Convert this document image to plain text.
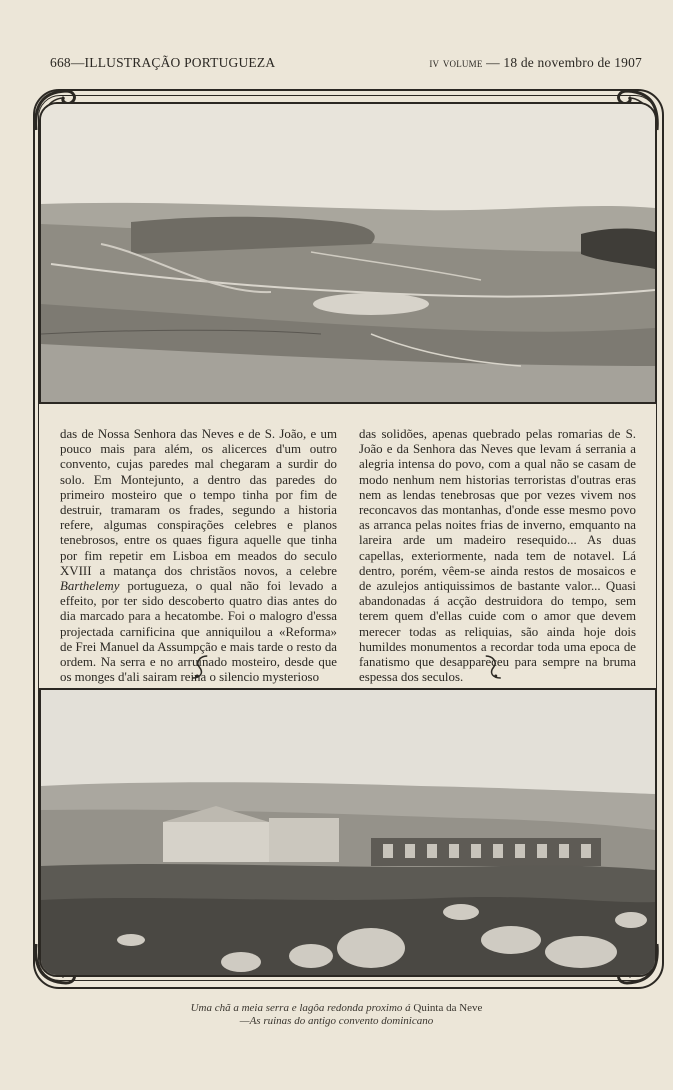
668—ILLUSTRAÇÃO PORTUGUEZA	iv volume — 18 de novembro de 1907

das de Nossa Senhora das Neves e de S. João, e um pouco mais para além, os alicerces d'um outro convento, cujas paredes mal chegaram a surdir do solo. Em Montejunto, a dentro das paredes do primeiro mosteiro que o tempo tinha por fim de destruir, tramaram os frades, segundo a historia refere, algumas conspirações celebres e planos tenebrosos, entre os quaes figura aquelle que tinha por fim repetir em Lisboa em meados do seculo XVIII a matança dos christãos novos, a celebre Barthelemy portugueza, o qual não foi levado a effeito, por ter sido descoberto quatro dias antes do dia marcado para a hecatombe. Foi o malogro d'essa projectada carnificina que anniquilou a «Reforma» de Frei Manuel da Assumpção e mais tarde o resto da ordem. Na serra e no arruinado mosteiro, desde que os monges d'ali sairam reina o silencio mysterioso

das solidões, apenas quebrado pelas romarias de S. João e da Senhora das Neves que levam á serrania a alegria intensa do povo, com a qual não se casam de modo nenhum nem historias terroristas d'outras eras nem as lendas tenebrosas que por vezes vivem nos reconcavos das montanhas, d'onde esse mesmo povo as arranca pelas noites frias de inverno, emquanto na lareira arde um madeiro resequido... As duas capellas, exteriormente, nada tem de notavel. Lá dentro, porém, vêem-se ainda restos de mosaicos e de azulejos antiquissimos de bastante valor... Quasi abandonadas á acção destruidora do tempo, sem terem quem d'ellas cuide com o amor que devem merecer todas as reliquias, são ainda hoje dois humildes monumentos a recordar toda uma epoca de fanatismo que desappareceu para sempre na bruma espessa dos seculos.

Uma chã a meia serra e lagôa redonda proximo á Quinta da Neve
—As ruinas do antigo convento dominicano
